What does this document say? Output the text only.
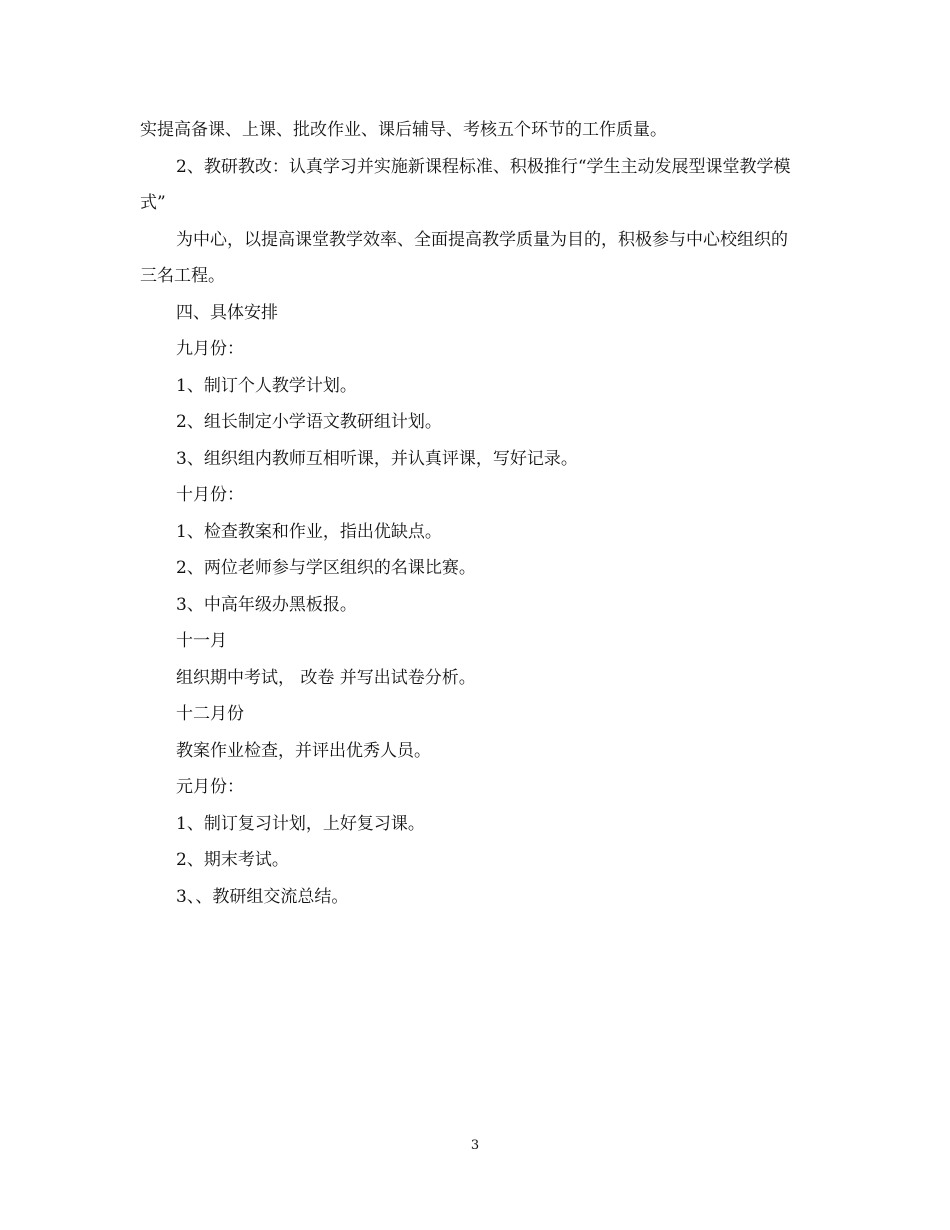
实提高备课、上课、批改作业、课后辅导、考核五个环节的工作质量。

2、教研教改：认真学习并实施新课程标准、积极推行“学生主动发展型课堂教学模式”

为中心，以提高课堂教学效率、全面提高教学质量为目的，积极参与中心校组织的三名工程。

四、具体安排

九月份：

1、制订个人教学计划。

2、组长制定小学语文教研组计划。

3、组织组内教师互相听课，并认真评课，写好记录。

十月份：

1、检查教案和作业，指出优缺点。

2、两位老师参与学区组织的名课比赛。

3、中高年级办黑板报。

十一月

组织期中考试， 改卷 并写出试卷分析。

十二月份

教案作业检查，并评出优秀人员。

元月份：

1、制订复习计划，上好复习课。

2、期末考试。

3、、教研组交流总结。

3
